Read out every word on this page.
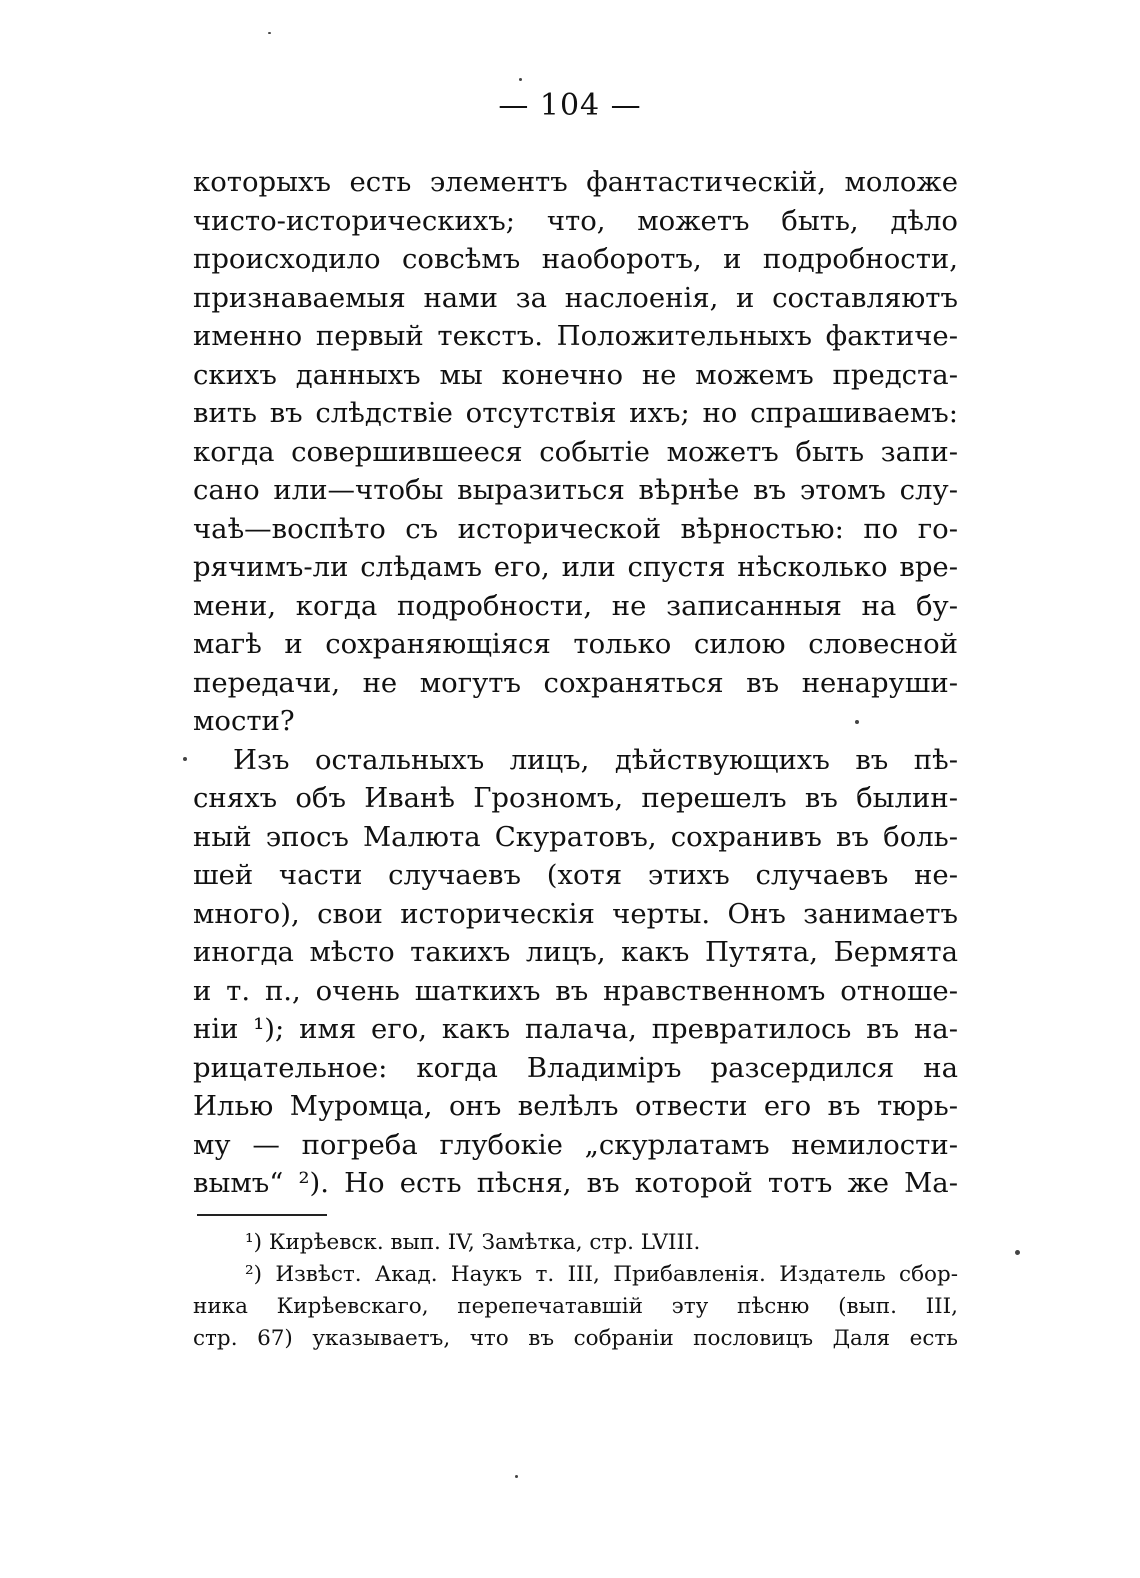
— 104 —
которыхъ есть элементъ фантастическій, моложе
чисто-историческихъ; что, можетъ быть, дѣло
происходило совсѣмъ наоборотъ, и подробности,
признаваемыя нами за наслоенія, и составляютъ
именно первый текстъ. Положительныхъ фактиче-
скихъ данныхъ мы конечно не можемъ предста-
вить въ слѣдствіе отсутствія ихъ; но спрашиваемъ:
когда совершившееся событіе можетъ быть запи-
сано или—чтобы выразиться вѣрнѣе въ этомъ слу-
чаѣ—воспѣто съ исторической вѣрностью: по го-
рячимъ-ли слѣдамъ его, или спустя нѣсколько вре-
мени, когда подробности, не записанныя на бу-
магѣ и сохраняющіяся только силою словесной
передачи, не могутъ сохраняться въ ненаруши-
мости?
Изъ остальныхъ лицъ, дѣйствующихъ въ пѣ-
сняхъ объ Иванѣ Грозномъ, перешелъ въ былин-
ный эпосъ Малюта Скуратовъ, сохранивъ въ боль-
шей части случаевъ (хотя этихъ случаевъ не-
много), свои историческія черты. Онъ занимаетъ
иногда мѣсто такихъ лицъ, какъ Путята, Бермята
и т. п., очень шаткихъ въ нравственномъ отноше-
ніи ¹); имя его, какъ палача, превратилось въ на-
рицательное: когда Владиміръ разсердился на
Илью Муромца, онъ велѣлъ отвести его въ тюрь-
му — погреба глубокіе „скурлатамъ немилости-
вымъ“ ²). Но есть пѣсня, въ которой тотъ же Ма-
¹) Кирѣевск. вып. IV, Замѣтка, стр. LVIII.
²) Извѣст. Акад. Наукъ т. III, Прибавленія. Издатель сбор-
ника Кирѣевскаго, перепечатавшій эту пѣсню (вып. III,
стр. 67) указываетъ, что въ собраніи пословицъ Даля есть
